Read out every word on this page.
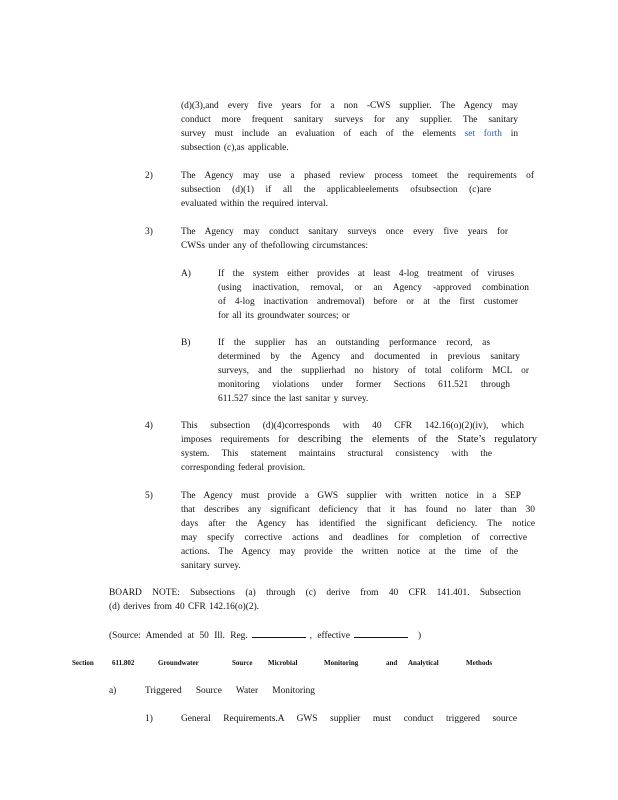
(d)(3),and every five years for a non -CWS supplier. The Agency may
conduct more frequent sanitary surveys for any supplier. The sanitary
survey must include an evaluation of each of the elements set forth in
subsection (c),as applicable.
2)	The Agency may use a phased review process tomeet the requirements of
subsection (d)(1) if all the applicableelements ofsubsection (c)are
evaluated within the required interval.
3)	The Agency may conduct sanitary surveys once every five years for
CWSs under any of thefollowing circumstances:
A)	If the system either provides at least 4-log treatment of viruses
(using inactivation, removal, or an Agency -approved combination
of 4-log inactivation andremoval) before or at the first customer
for all its groundwater sources; or
B)	If the supplier has an outstanding performance record, as
determined by the Agency and documented in previous sanitary
surveys, and the supplierhad no history of total coliform MCL or
monitoring violations under former Sections 611.521 through
611.527 since the last sanitar y survey.
4)	This subsection (d)(4)corresponds with 40 CFR 142.16(o)(2)(iv), which
imposes requirements for describing the elements of the State’s regulatory
system. This statement maintains structural consistency with the
corresponding federal provision.
5)	The Agency must provide a GWS supplier with written notice in a SEP
that describes any significant deficiency that it has found no later than 30
days after the Agency has identified the significant deficiency. The notice
may specify corrective actions and deadlines for completion of corrective
actions. The Agency may provide the written notice at the time of the
sanitary survey.
BOARD NOTE: Subsections (a) through (c) derive from 40 CFR 141.401. Subsection
(d) derives from 40 CFR 142.16(o)(2).
(Source: Amended at 50 Ill. Reg.	, effective	)
Section	611.802	Groundwater	Source Microbial	Monitoring	and Analytical	Methods
a)	Triggered Source Water Monitoring
1)	General Requirements.A GWS supplier must conduct triggered source
